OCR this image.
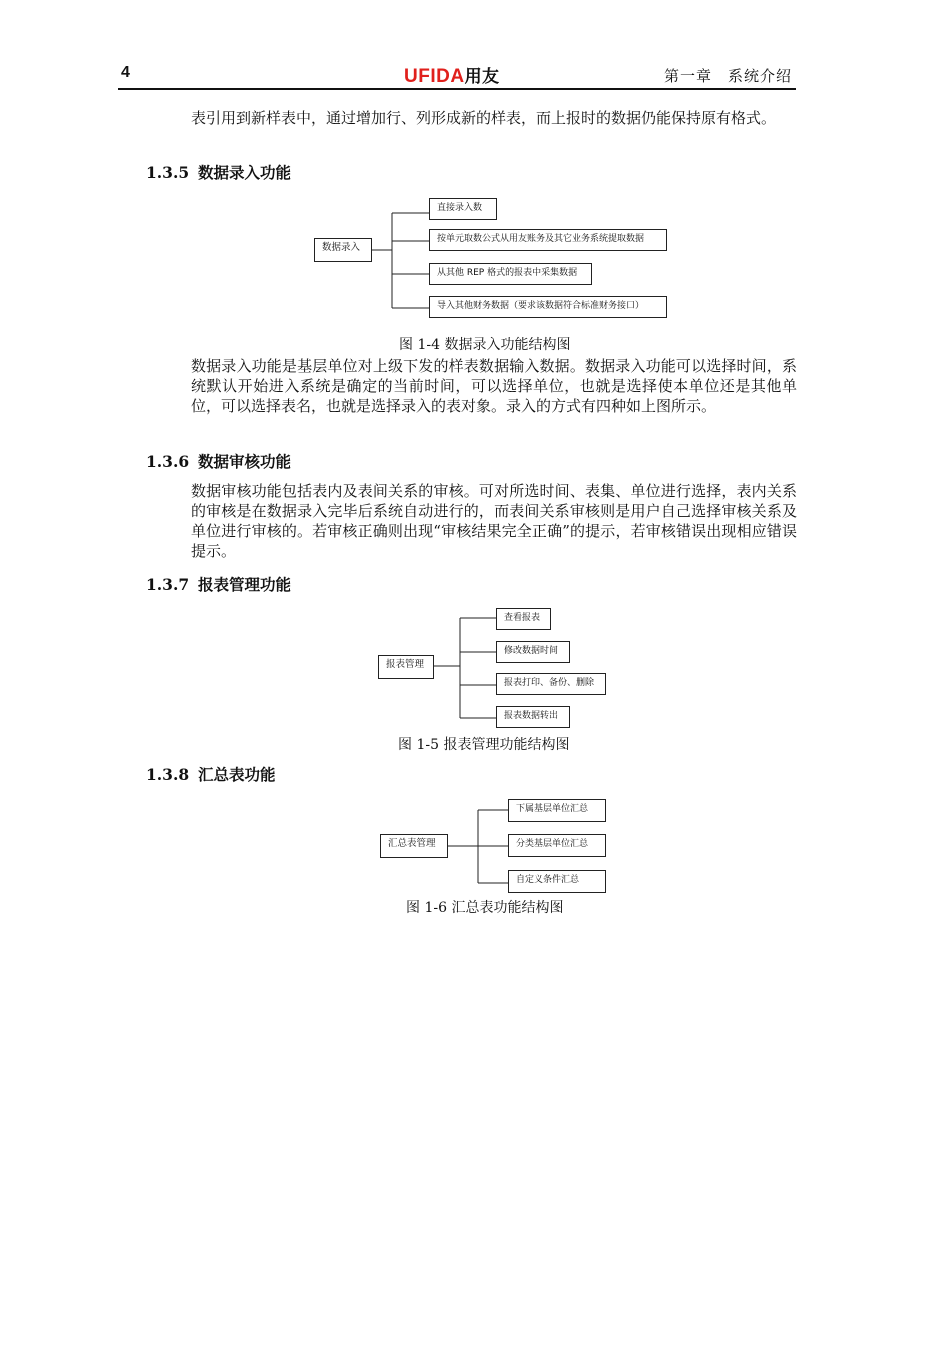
4	UFIDA用友	第一章　系统介绍

表引用到新样表中，通过增加行、列形成新的样表，而上报时的数据仍能保持原有格式。

1.3.5 数据录入功能
数据录入
直接录入数
按单元取数公式从用友账务及其它业务系统提取数据
从其他 REP 格式的报表中采集数据
导入其他财务数据（要求该数据符合标准财务接口）
图 1-4 数据录入功能结构图

数据录入功能是基层单位对上级下发的样表数据输入数据。数据录入功能可以选择时间，系统默认开始进入系统是确定的当前时间，可以选择单位，也就是选择使本单位还是其他单位，可以选择表名，也就是选择录入的表对象。录入的方式有四种如上图所示。

1.3.6 数据审核功能

数据审核功能包括表内及表间关系的审核。可对所选时间、表集、单位进行选择，表内关系的审核是在数据录入完毕后系统自动进行的，而表间关系审核则是用户自己选择审核关系及单位进行审核的。若审核正确则出现“审核结果完全正确”的提示，若审核错误出现相应错误提示。

1.3.7 报表管理功能
报表管理
查看报表
修改数据时间
报表打印、备份、删除
报表数据转出
图 1-5 报表管理功能结构图
1.3.8 汇总表功能
汇总表管理
下属基层单位汇总
分类基层单位汇总
自定义条件汇总
图 1-6 汇总表功能结构图
